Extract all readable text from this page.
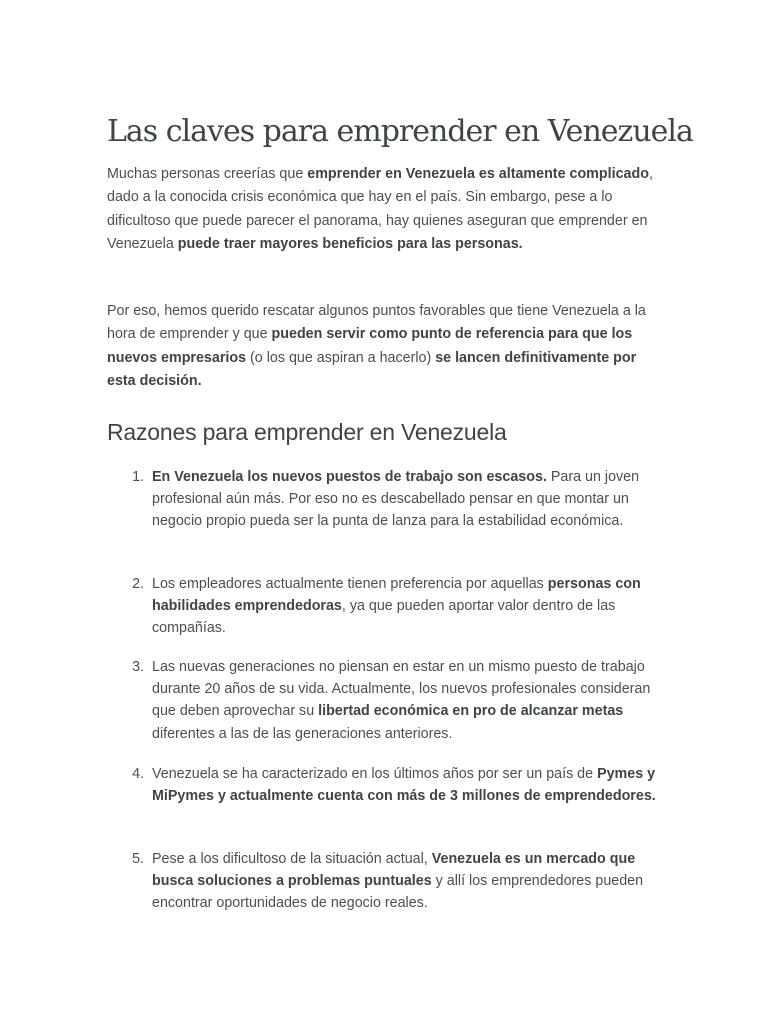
Las claves para emprender en Venezuela

Muchas personas creerías que emprender en Venezuela es altamente complicado, dado a la conocida crisis económica que hay en el país. Sin embargo, pese a lo dificultoso que puede parecer el panorama, hay quienes aseguran que emprender en Venezuela puede traer mayores beneficios para las personas.

Por eso, hemos querido rescatar algunos puntos favorables que tiene Venezuela a la hora de emprender y que pueden servir como punto de referencia para que los nuevos empresarios (o los que aspiran a hacerlo) se lancen definitivamente por esta decisión.

Razones para emprender en Venezuela
1. En Venezuela los nuevos puestos de trabajo son escasos. Para un joven profesional aún más. Por eso no es descabellado pensar en que montar un negocio propio pueda ser la punta de lanza para la estabilidad económica.
2. Los empleadores actualmente tienen preferencia por aquellas personas con habilidades emprendedoras, ya que pueden aportar valor dentro de las compañías.
3. Las nuevas generaciones no piensan en estar en un mismo puesto de trabajo durante 20 años de su vida. Actualmente, los nuevos profesionales consideran que deben aprovechar su libertad económica en pro de alcanzar metas diferentes a las de las generaciones anteriores.
4. Venezuela se ha caracterizado en los últimos años por ser un país de Pymes y MiPymes y actualmente cuenta con más de 3 millones de emprendedores.
5. Pese a los dificultoso de la situación actual, Venezuela es un mercado que busca soluciones a problemas puntuales y allí los emprendedores pueden encontrar oportunidades de negocio reales.
